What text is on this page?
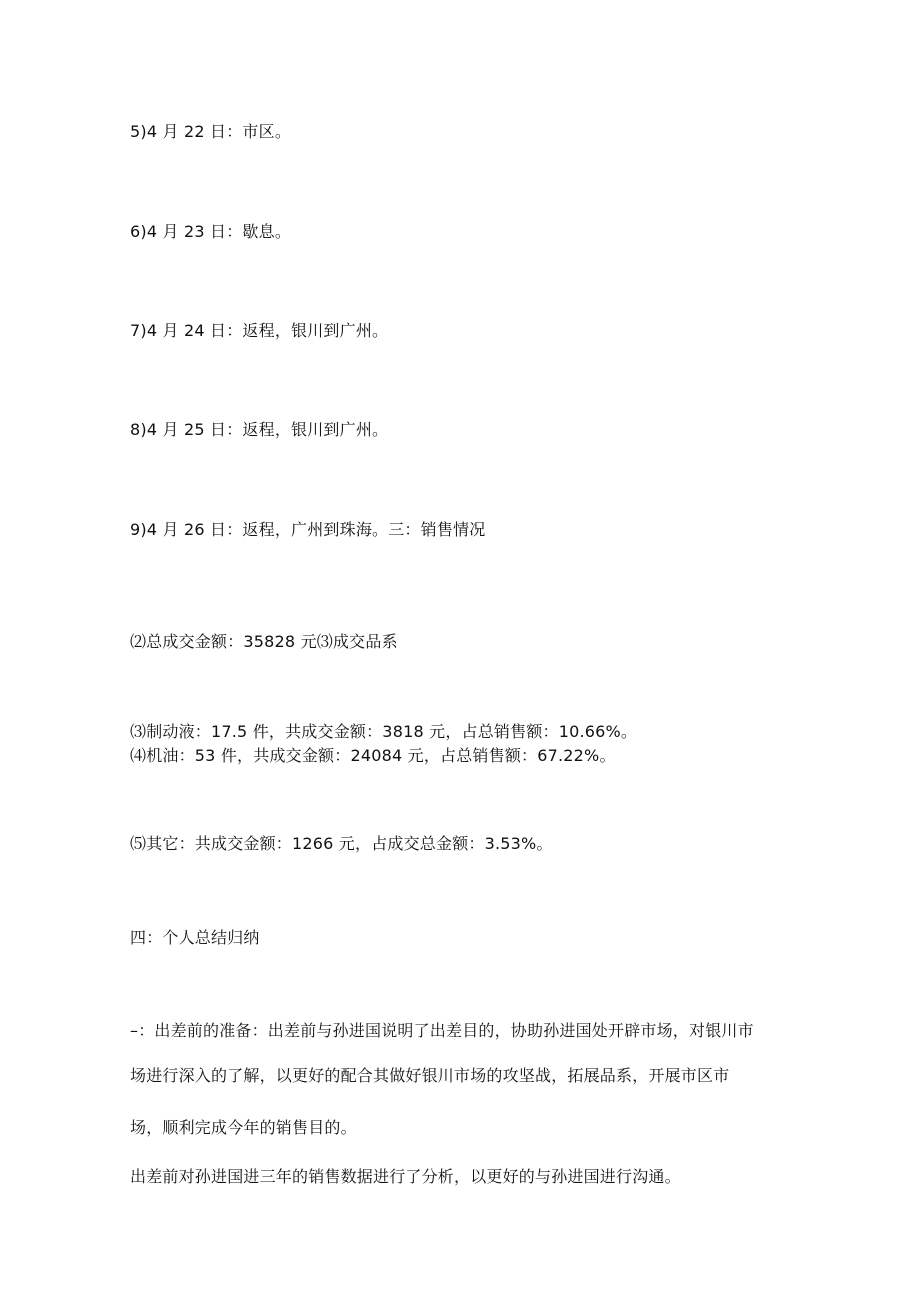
5)4 月 22 日：市区。

6)4 月 23 日：歇息。

7)4 月 24 日：返程，银川到广州。

8)4 月 25 日：返程，银川到广州。

9)4 月 26 日：返程，广州到珠海。三：销售情况

⑵总成交金额：35828 元⑶成交品系

⑶制动液：17.5 件，共成交金额：3818 元，占总销售额：10.66%。

⑷机油：53 件，共成交金额：24084 元，占总销售额：67.22%。

⑸其它：共成交金额：1266 元，占成交总金额：3.53%。

四：个人总结归纳

–：出差前的准备：出差前与孙进国说明了出差目的，协助孙进国处开辟市场，对银川市

场进行深入的了解，以更好的配合其做好银川市场的攻坚战，拓展品系，开展市区市

场，顺利完成今年的销售目的。

出差前对孙进国进三年的销售数据进行了分析，以更好的与孙进国进行沟通。
